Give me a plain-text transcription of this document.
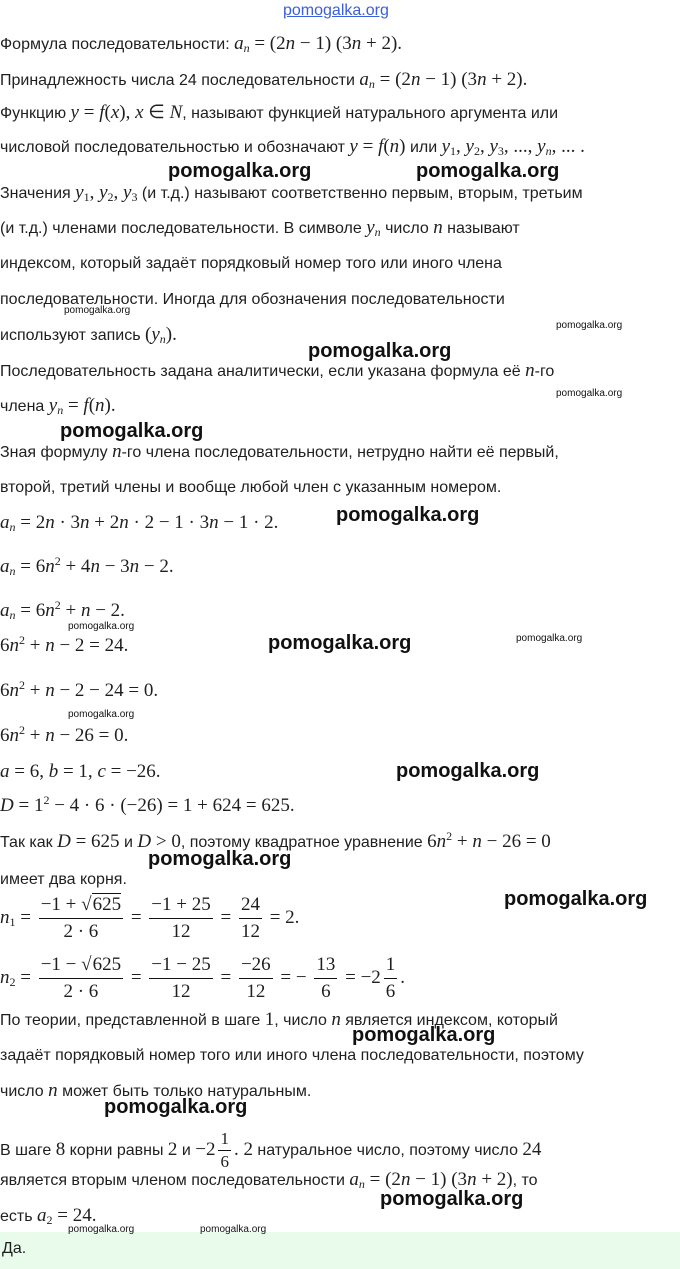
pomogalka.org
Формула последовательности: $a_n = (2n - 1) (3n + 2)$.
Принадлежность числа 24 последовательности $a_n = (2n - 1) (3n + 2)$.
Функцию y = f(x), x ∈ N, называют функцией натурального аргумента или
числовой последовательностью и обозначают y = f(n) или $y_1$, $y_2$, $y_3$, ..., $y_n$, ... .
Значения $y_1$, $y_2$, $y_3$ (и т.д.) называют соответственно первым, вторым, третьим
(и т.д.) членами последовательности. В символе $y_n$ число n называют
индексом, который задаёт порядковый номер того или иного члена
последовательности. Иногда для обозначения последовательности
используют запись $(y_n)$.
Последовательность задана аналитически, если указана формула её n-го
члена $y_n = f(n)$.
Зная формулу n-го члена последовательности, нетрудно найти её первый,
второй, третий члены и вообще любой член с указанным номером.
$a_n = 2n \cdot 3n + 2n \cdot 2 - 1 \cdot 3n - 1 \cdot 2$.
$a_n = 6n^2 + 4n - 3n - 2$.
$a_n = 6n^2 + n - 2$.
$6n^2 + n - 2 = 24$.
$6n^2 + n - 2 - 24 = 0$.
$6n^2 + n - 26 = 0$.
a = 6, b = 1, c = −26.
$D = 1^2 - 4 \cdot 6 \cdot (-26) = 1 + 624 = 625$.
Так как D = 625 и D > 0, поэтому квадратное уравнение $6n^2 + n - 26 = 0$
имеет два корня.
$n_1 = \frac{-1 + √625}{2 \cdot 6} = \frac{-1 + 25}{12} = \frac{24}{12} = 2$.
$n_2 = \frac{-1 - √625}{2 \cdot 6} = \frac{-1 - 25}{12} = \frac{-26}{12}$ = − $\frac{13}{6} = -2 \frac{1}{6}$ .
По теории, представленной в шаге 1, число n является индексом, который
задаёт порядковый номер того или иного члена последовательности, поэтому
число n может быть только натуральным.
В шаге 8 корни равны 2 $и -2 \frac{1}{6}$ . 2 натуральное число, поэтому число 24
является вторым членом последовательности $a_n = (2n - 1) (3n + 2)$, то
есть $a_2 = 24$.
Да.
pomogalka.org	pomogalka.org
pomogalka.org
pomogalka.org
pomogalka.org
pomogalka.org
pomogalka.org
pomogalka.org
pomogalka.org
pomogalka.org	pomogalka.org
pomogalka.org
pomogalka.org
pomogalka.org
pomogalka.org
pomogalka.org
pomogalka.org
pomogalka.org
pomogalka.org	pomogalka.org
